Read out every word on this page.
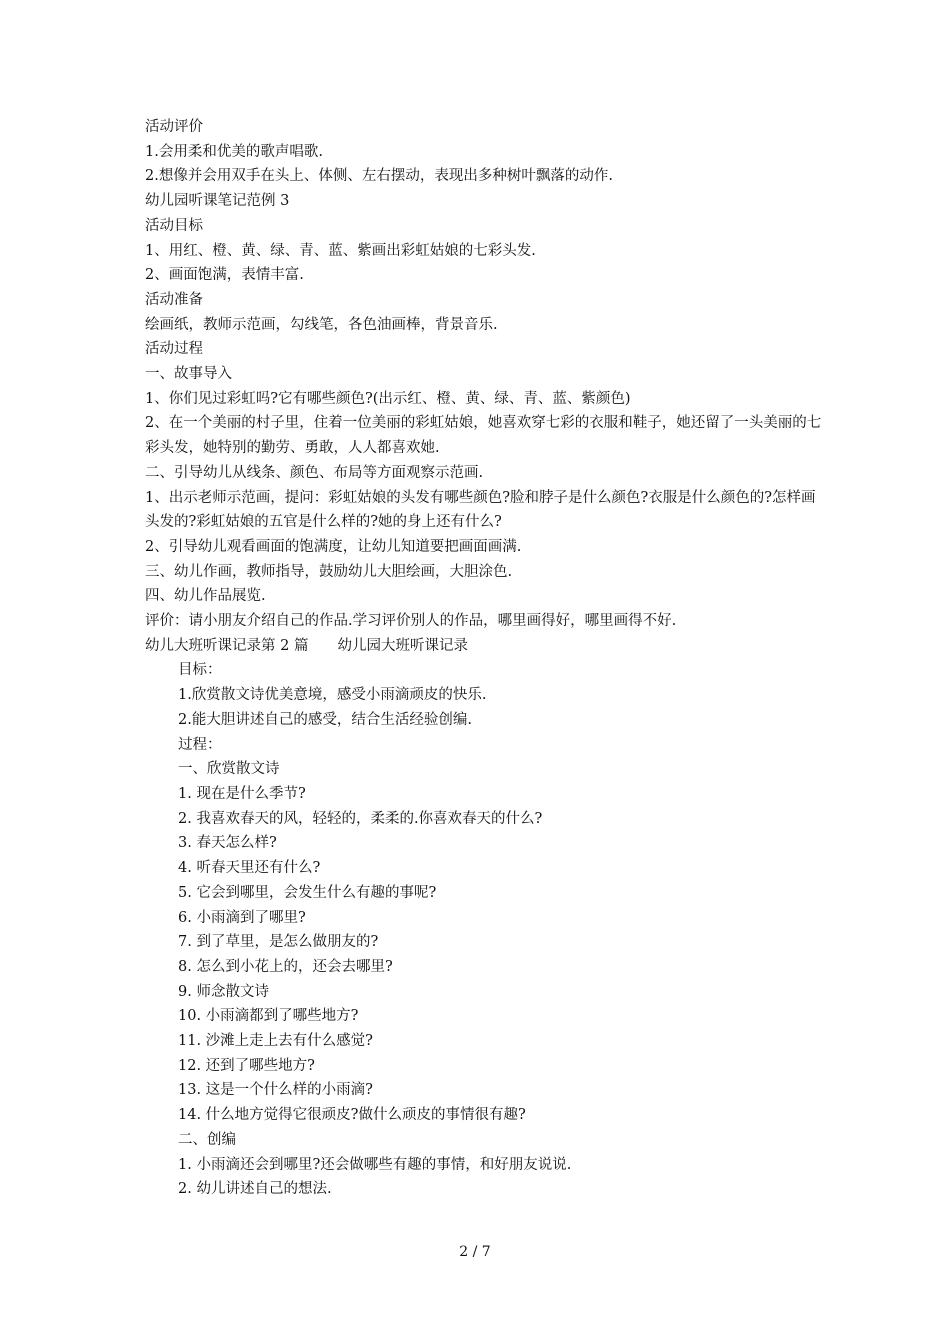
活动评价
1.会用柔和优美的歌声唱歌.
2.想像并会用双手在头上、体侧、左右摆动，表现出多种树叶飘落的动作.
幼儿园听课笔记范例 3
活动目标
1、用红、橙、黄、绿、青、蓝、紫画出彩虹姑娘的七彩头发.
2、画面饱满，表情丰富.
活动准备
绘画纸，教师示范画，勾线笔，各色油画棒，背景音乐.
活动过程
一、故事导入
1、你们见过彩虹吗?它有哪些颜色?(出示红、橙、黄、绿、青、蓝、紫颜色)
2、在一个美丽的村子里，住着一位美丽的彩虹姑娘，她喜欢穿七彩的衣服和鞋子，她还留了一头美丽的七彩头发，她特别的勤劳、勇敢，人人都喜欢她.
二、引导幼儿从线条、颜色、布局等方面观察示范画.
1、出示老师示范画，提问：彩虹姑娘的头发有哪些颜色?脸和脖子是什么颜色?衣服是什么颜色的?怎样画头发的?彩虹姑娘的五官是什么样的?她的身上还有什么?
2、引导幼儿观看画面的饱满度，让幼儿知道要把画面画满.
三、幼儿作画，教师指导，鼓励幼儿大胆绘画，大胆涂色.
四、幼儿作品展览.
评价：请小朋友介绍自己的作品.学习评价别人的作品，哪里画得好，哪里画得不好.
幼儿大班听课记录第 2 篇　　幼儿园大班听课记录
目标：
1.欣赏散文诗优美意境，感受小雨滴顽皮的快乐.
2.能大胆讲述自己的感受，结合生活经验创编.
过程：
一、欣赏散文诗
1. 现在是什么季节?
2. 我喜欢春天的风，轻轻的，柔柔的.你喜欢春天的什么?
3. 春天怎么样?
4. 听春天里还有什么?
5. 它会到哪里，会发生什么有趣的事呢?
6. 小雨滴到了哪里?
7. 到了草里，是怎么做朋友的?
8. 怎么到小花上的，还会去哪里?
9. 师念散文诗
10. 小雨滴都到了哪些地方?
11. 沙滩上走上去有什么感觉?
12. 还到了哪些地方?
13. 这是一个什么样的小雨滴?
14. 什么地方觉得它很顽皮?做什么顽皮的事情很有趣?
二、创编
1. 小雨滴还会到哪里?还会做哪些有趣的事情，和好朋友说说.
2. 幼儿讲述自己的想法.
2 / 7
